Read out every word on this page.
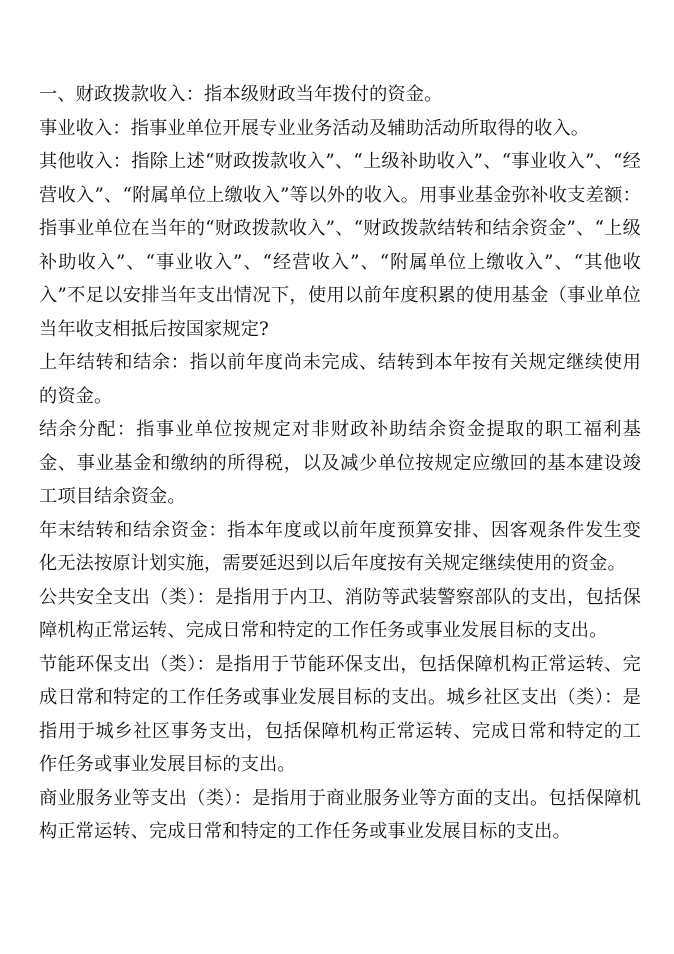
一、财政拨款收入：指本级财政当年拨付的资金。

事业收入：指事业单位开展专业业务活动及辅助活动所取得的收入。

其他收入：指除上述“财政拨款收入”、“上级补助收入”、“事业收入”、“经营收入”、“附属单位上缴收入”等以外的收入。用事业基金弥补收支差额：指事业单位在当年的“财政拨款收入”、“财政拨款结转和结余资金”、“上级补助收入”、“事业收入”、“经营收入”、“附属单位上缴收入”、“其他收入”不足以安排当年支出情况下，使用以前年度积累的使用基金（事业单位当年收支相抵后按国家规定?

上年结转和结余：指以前年度尚未完成、结转到本年按有关规定继续使用的资金。

结余分配：指事业单位按规定对非财政补助结余资金提取的职工福利基金、事业基金和缴纳的所得税，以及减少单位按规定应缴回的基本建设竣工项目结余资金。

年末结转和结余资金：指本年度或以前年度预算安排、因客观条件发生变化无法按原计划实施，需要延迟到以后年度按有关规定继续使用的资金。

公共安全支出（类）：是指用于内卫、消防等武装警察部队的支出，包括保障机构正常运转、完成日常和特定的工作任务或事业发展目标的支出。

节能环保支出（类）：是指用于节能环保支出，包括保障机构正常运转、完成日常和特定的工作任务或事业发展目标的支出。城乡社区支出（类）：是指用于城乡社区事务支出，包括保障机构正常运转、完成日常和特定的工作任务或事业发展目标的支出。

商业服务业等支出（类）：是指用于商业服务业等方面的支出。包括保障机构正常运转、完成日常和特定的工作任务或事业发展目标的支出。
